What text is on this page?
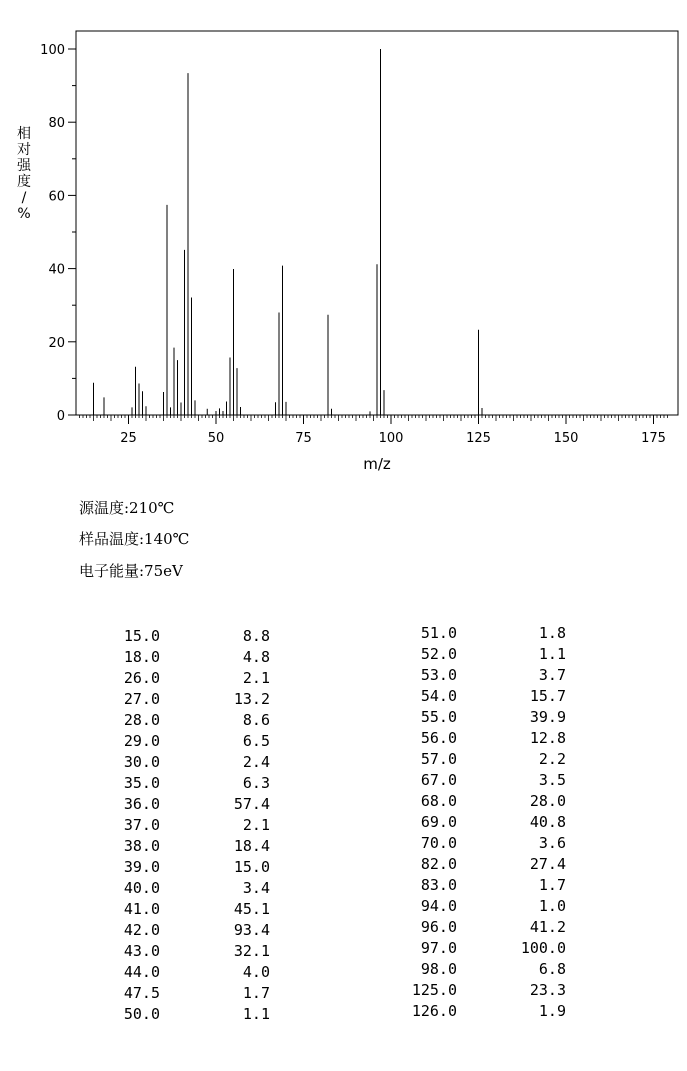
25	50	75	100	125	150	175
0
20
40
60
80
100
m/z
相
对
强
度
/
%
源温度:210℃
样品温度:140℃
电子能量:75eV
15.0	8.8
18.0	4.8
26.0	2.1
27.0	13.2
28.0	8.6
29.0	6.5
30.0	2.4
35.0	6.3
36.0	57.4
37.0	2.1
38.0	18.4
39.0	15.0
40.0	3.4
41.0	45.1
42.0	93.4
43.0	32.1
44.0	4.0
47.5	1.7
50.0	1.1
51.0	1.8
52.0	1.1
53.0	3.7
54.0	15.7
55.0	39.9
56.0	12.8
57.0	2.2
67.0	3.5
68.0	28.0
69.0	40.8
70.0	3.6
82.0	27.4
83.0	1.7
94.0	1.0
96.0	41.2
97.0	100.0
98.0	6.8
125.0	23.3
126.0	1.9
